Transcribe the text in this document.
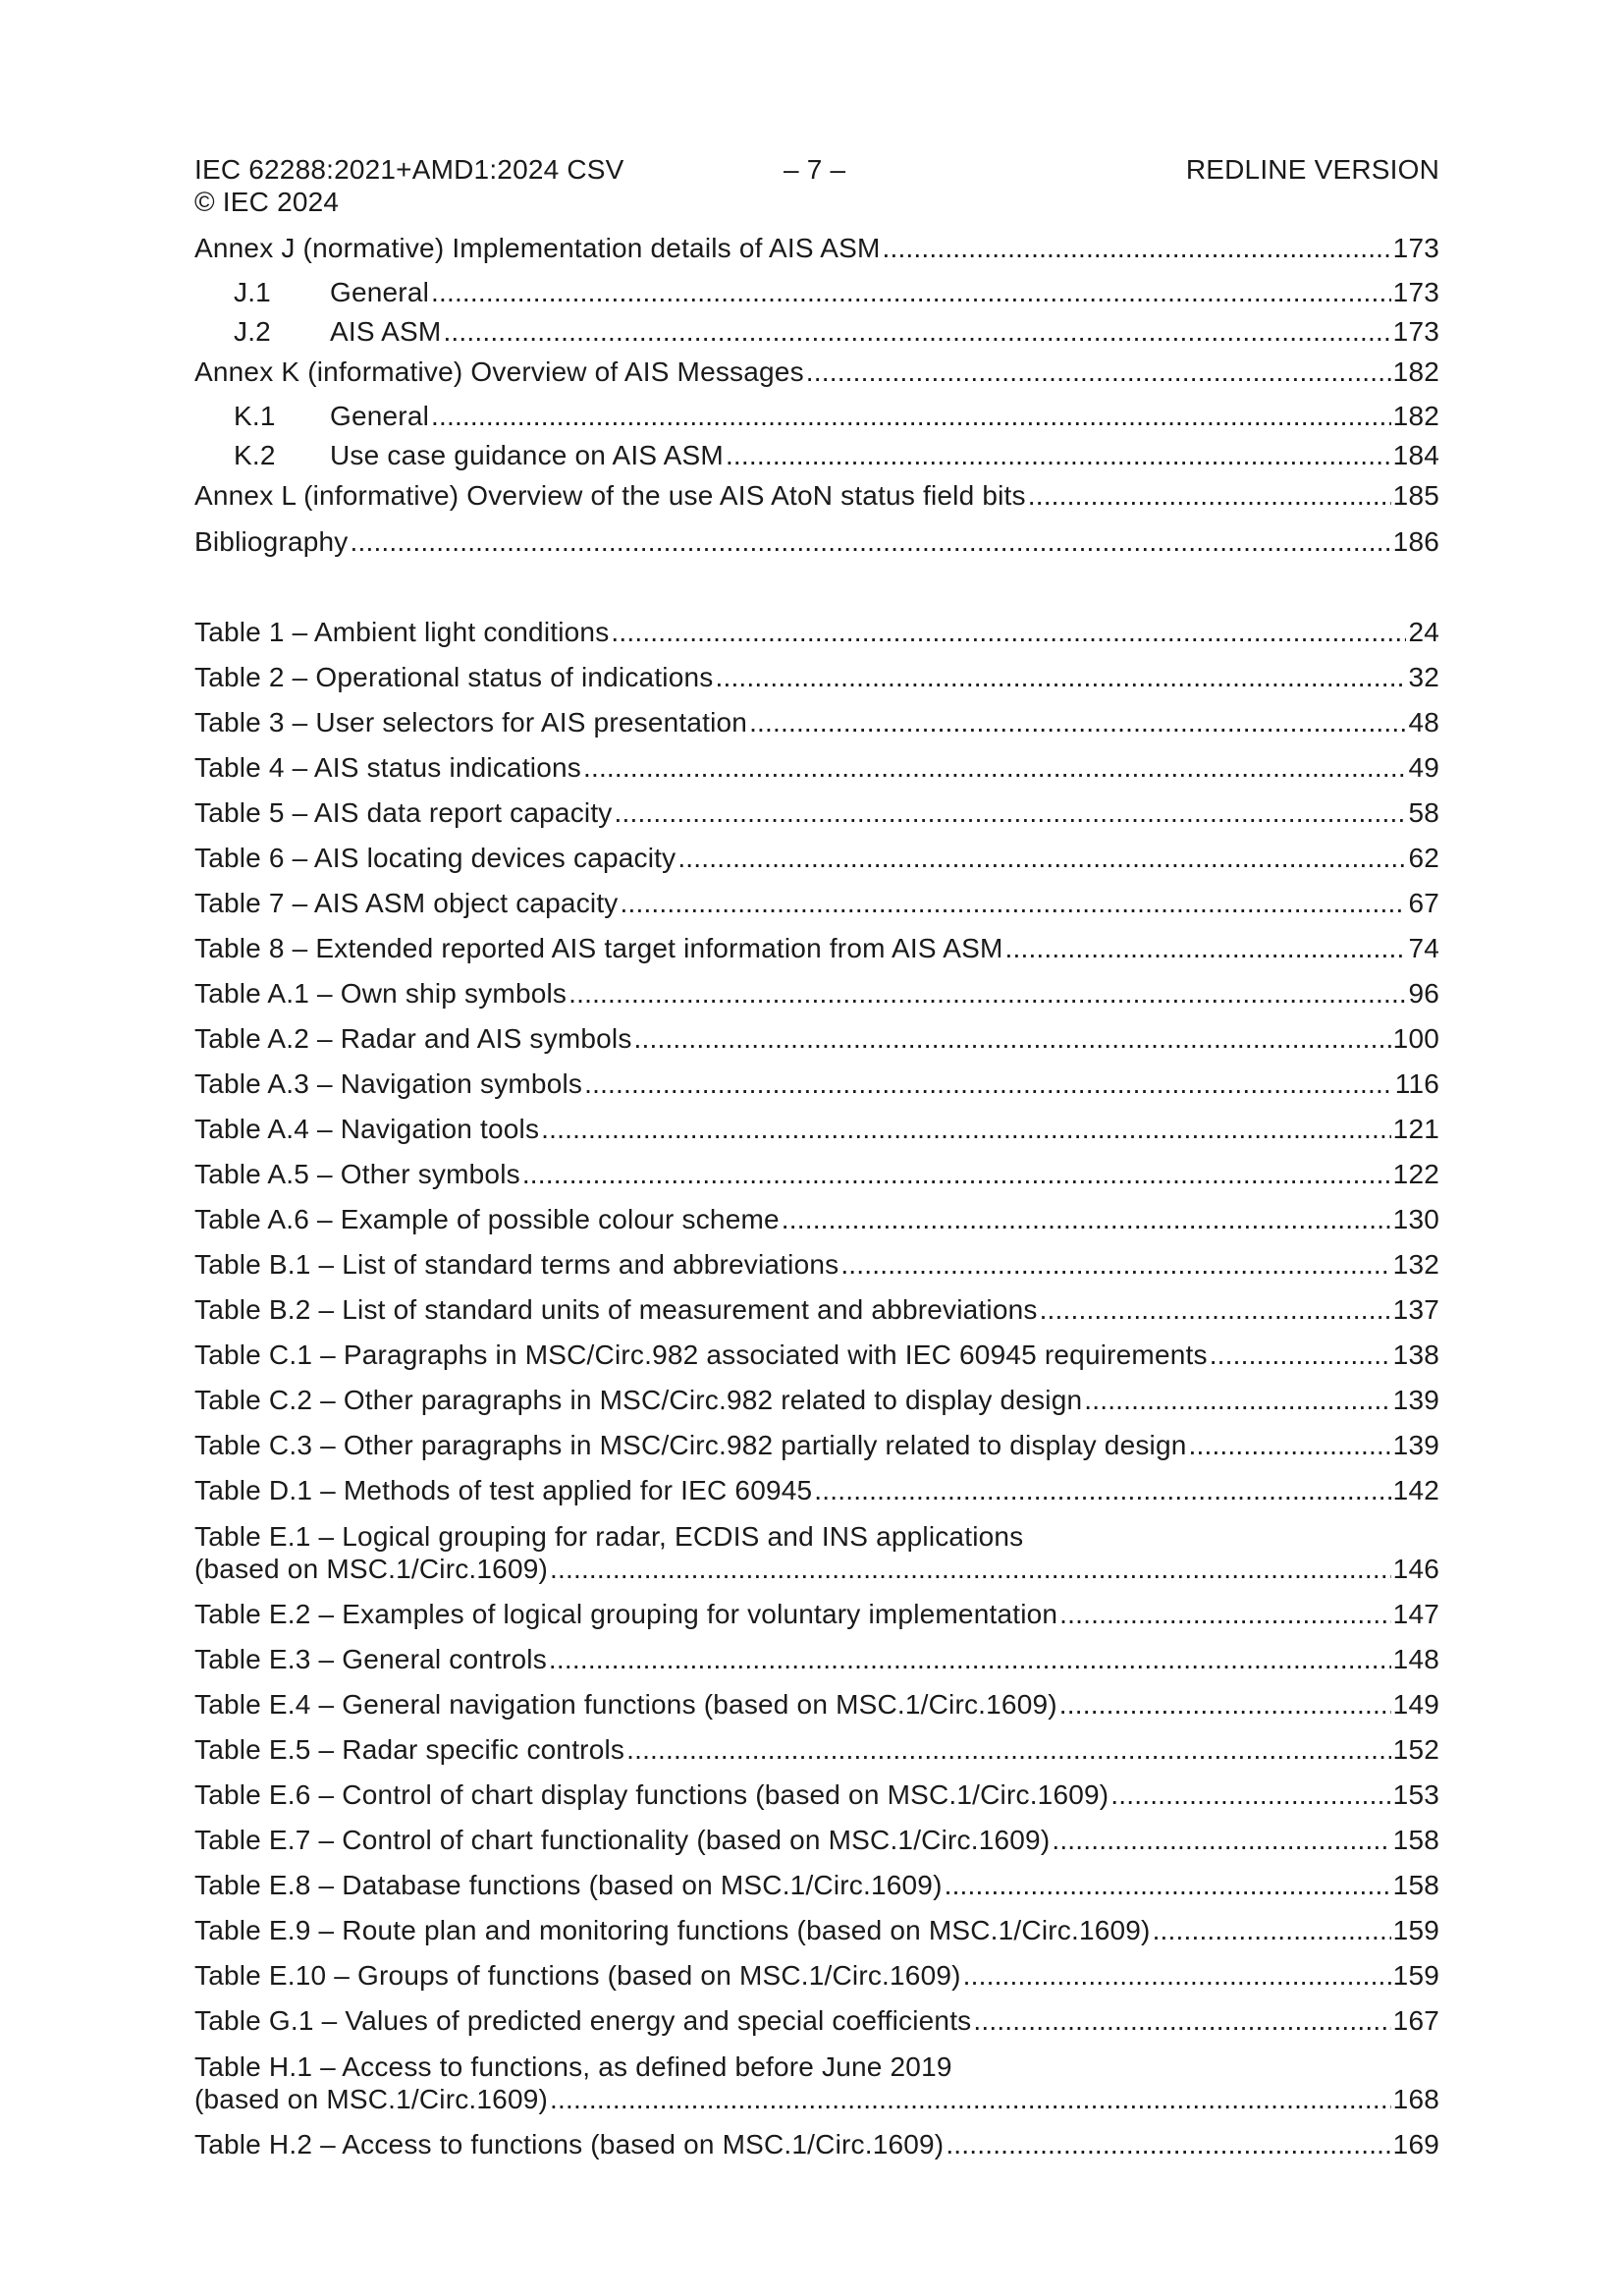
IEC 62288:2021+AMD1:2024 CSV
© IEC 2024
– 7 –	REDLINE VERSION
Annex J (normative) Implementation details of AIS ASM .....	173
J.1	General .....	173
J.2	AIS ASM .....	173
Annex K (informative) Overview of AIS Messages .....	182
K.1	General .....	182
K.2	Use case guidance on AIS ASM .....	184
Annex L (informative) Overview of the use AIS AtoN status field bits .....	185
Bibliography .....	186
Table 1 – Ambient light conditions .....	24
Table 2 – Operational status of indications .....	32
Table 3 – User selectors for AIS presentation .....	48
Table 4 – AIS status indications .....	49
Table 5 – AIS data report capacity .....	58
Table 6 – AIS locating devices capacity .....	62
Table 7 – AIS ASM object capacity .....	67
Table 8 – Extended reported AIS target information from AIS ASM .....	74
Table A.1 – Own ship symbols .....	96
Table A.2 – Radar and AIS symbols .....	100
Table A.3 – Navigation symbols .....	116
Table A.4 – Navigation tools .....	121
Table A.5 – Other symbols .....	122
Table A.6 – Example of possible colour scheme .....	130
Table B.1 – List of standard terms and abbreviations .....	132
Table B.2 – List of standard units of measurement and abbreviations .....	137
Table C.1 – Paragraphs in MSC/Circ.982 associated with IEC 60945 requirements .....	138
Table C.2 – Other paragraphs in MSC/Circ.982 related to display design .....	139
Table C.3 – Other paragraphs in MSC/Circ.982 partially related to display design .....	139
Table D.1 – Methods of test applied for IEC 60945 .....	142
Table E.1 – Logical grouping for radar, ECDIS and INS applications
(based on MSC.1/Circ.1609) .....	146
Table E.2 – Examples of logical grouping for voluntary implementation .....	147
Table E.3 – General controls .....	148
Table E.4 – General navigation functions (based on MSC.1/Circ.1609) .....	149
Table E.5 – Radar specific controls .....	152
Table E.6 – Control of chart display functions (based on MSC.1/Circ.1609) .....	153
Table E.7 – Control of chart functionality (based on MSC.1/Circ.1609) .....	158
Table E.8 – Database functions (based on MSC.1/Circ.1609) .....	158
Table E.9 – Route plan and monitoring functions (based on MSC.1/Circ.1609) .....	159
Table E.10 – Groups of functions (based on MSC.1/Circ.1609) .....	159
Table G.1 – Values of predicted energy and special coefficients .....	167
Table H.1 – Access to functions, as defined before June 2019
(based on MSC.1/Circ.1609) .....	168
Table H.2 – Access to functions (based on MSC.1/Circ.1609) .....	169
